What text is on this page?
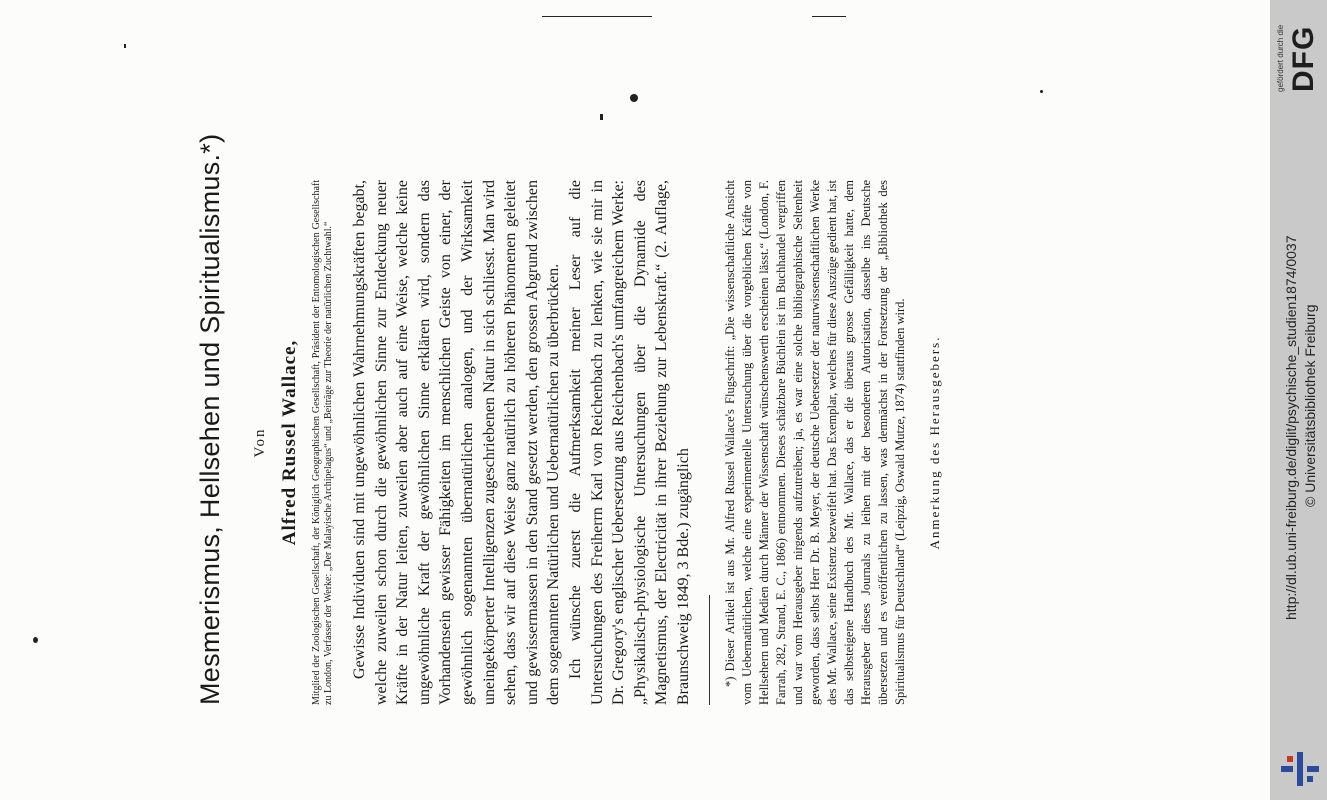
Mesmerismus, Hellsehen und Spiritualismus.*) Von Alfred Russel Wallace, Mitglied der Zoologischen Gesellschaft, der Königlich Geographischen Gesellschaft, Präsident der Entomologischen Gesellschaft zu London, Verfasser der Werke: „Der Malayische Archipelagus“ und „Beiträge zur Theorie der natürlichen Zuchtwahl.“ Gewisse Individuen sind mit ungewöhnlichen Wahrnehmungskräften begabt, welche zuweilen schon durch die gewöhnlichen Sinne zur Entdeckung neuer Kräfte in der Natur leiten, zuweilen aber auch auf eine Weise, welche keine ungewöhnliche Kraft der gewöhnlichen Sinne erklären wird, sondern das Vorhandensein gewisser Fähigkeiten im menschlichen Geiste von einer, der gewöhnlich sogenannten übernatürlichen analogen, und der Wirksamkeit uneingekörperter Intelligenzen zugeschriebenen Natur in sich schliesst. Man wird sehen, dass wir auf diese Weise ganz natürlich zu höheren Phänomenen geleitet und gewissermassen in den Stand gesetzt werden, den grossen Abgrund zwischen dem sogenannten Natürlichen und Uebernatürlichen zu überbrücken. Ich wünsche zuerst die Aufmerksamkeit meiner Leser auf die Untersuchungen des Freiherrn Karl von Reichenbach zu lenken, wie sie mir in Dr. Gregory's englischer Uebersetzung aus Reichenbach's umfangreichem Werke: „Physikalisch-physiologische Untersuchungen über die Dynamide des Magnetismus, der Electricität in ihrer Beziehung zur Lebenskraft.“ (2. Auflage, Braunschweig 1849, 3 Bde.) zugänglich *) Dieser Artikel ist aus Mr. Alfred Russel Wallace's Flugschrift: „Die wissenschaftliche Ansicht vom Uebernatürlichen, welche eine experimentelle Untersuchung über die vorgeblichen Kräfte von Hellsehern und Medien durch Männer der Wissenschaft wünschenswerth erscheinen lässt.“ (London, F. Farrah, 282, Strand, E. C., 1866) entnommen. Dieses schätzbare Büchlein ist im Buchhandel vergriffen und war vom Herausgeber nirgends aufzutreiben; ja, es war eine solche bibliographische Seltenheit geworden, dass selbst Herr Dr. B. Meyer, der deutsche Uebersetzer der naturwissenschaftlichen Werke des Mr. Wallace, seine Existenz bezweifelt hat. Das Exemplar, welches für diese Auszüge gedient hat, ist das selbsteigene Handbuch des Mr. Wallace, das er die überaus grosse Gefälligkeit hatte, dem Herausgeber dieses Journals zu leihen mit der besonderen Autorisation, dasselbe ins Deutsche übersetzen und es veröffentlichen zu lassen, was demnächst in der Fortsetzung der „Bibliothek des Spiritualismus für Deutschland“ (Leipzig, Oswald Mutze, 1874) stattfinden wird. Anmerkung des Herausgebers.
gefördert durch die DFG
http://dl.ub.uni-freiburg.de/diglit/psychische_studien1874/0037 © Universitätsbibliothek Freiburg
